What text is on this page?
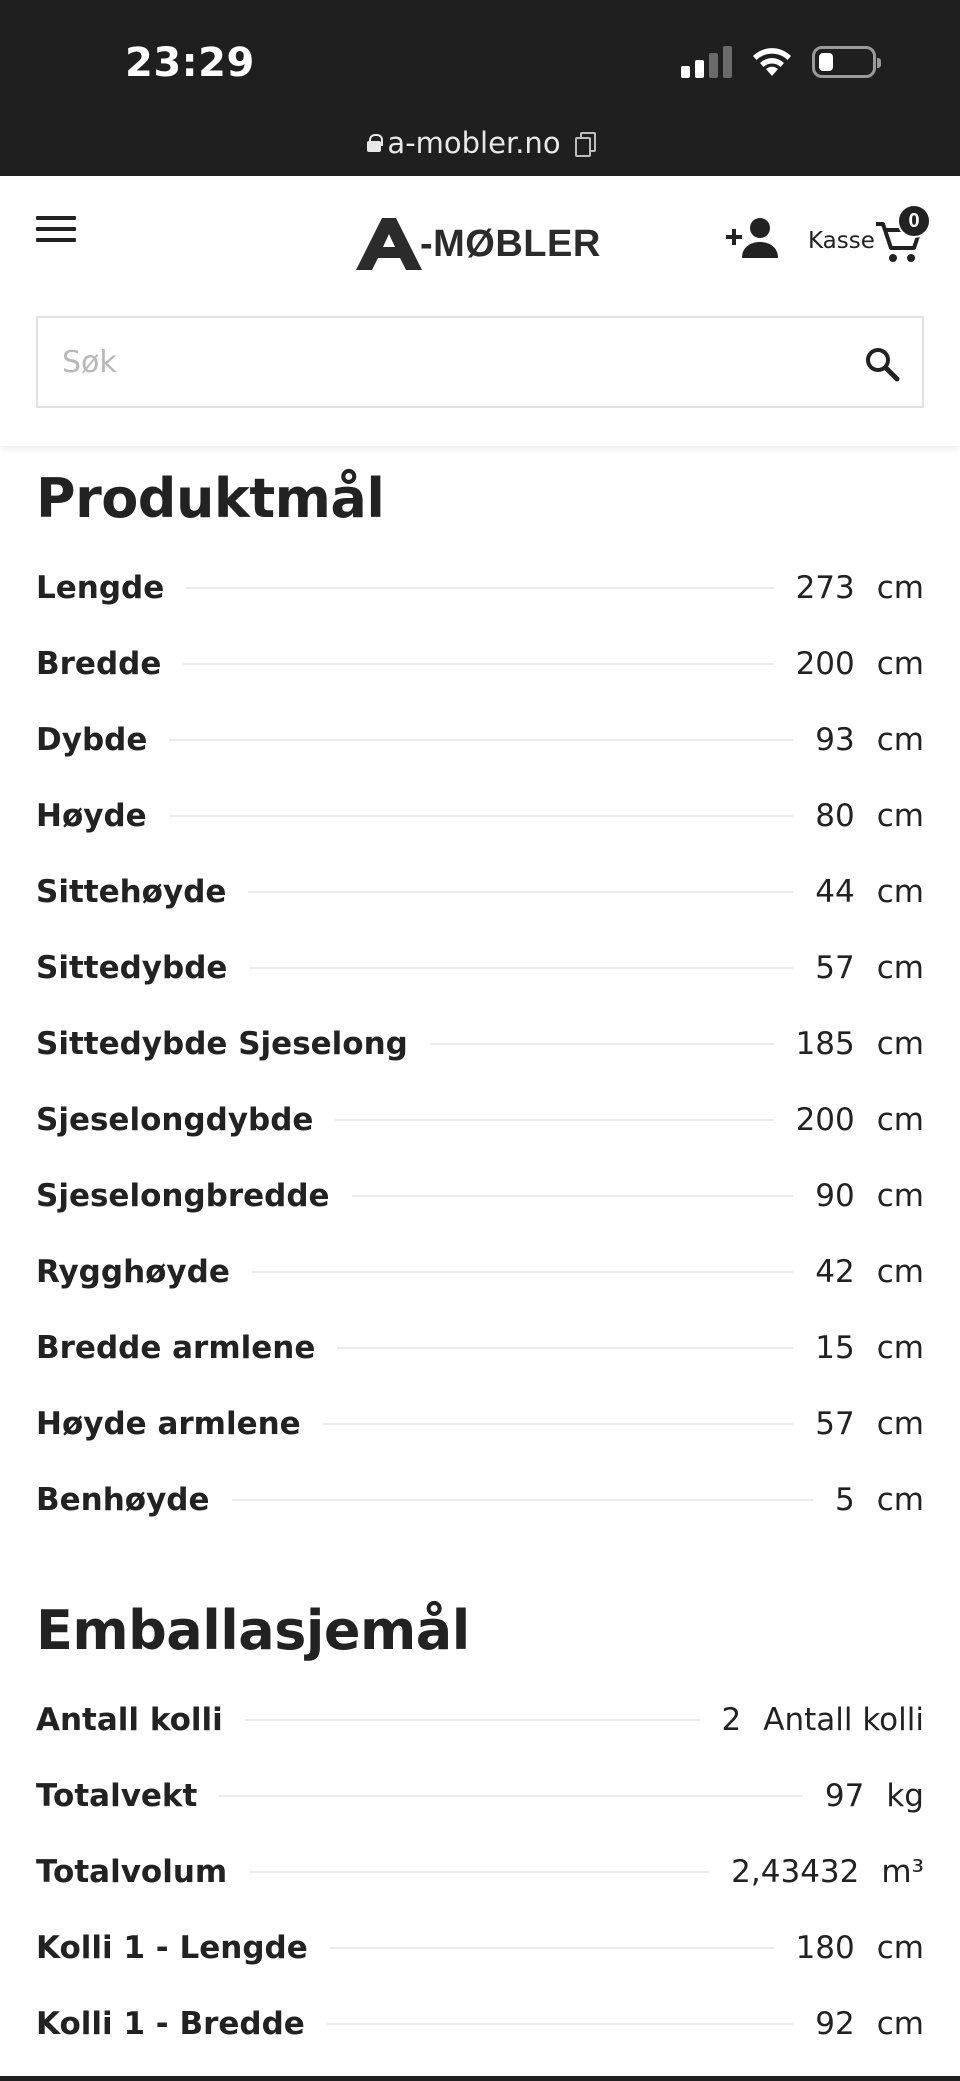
23:29
a-mobler.no
A -MØBLER	Kasse
0
Søk
Produktmål
Lengde	273 cm
Bredde	200 cm
Dybde	93 cm
Høyde	80 cm
Sittehøyde	44 cm
Sittedybde	57 cm
Sittedybde Sjeselong	185 cm
Sjeselongdybde	200 cm
Sjeselongbredde	90 cm
Rygghøyde	42 cm
Bredde armlene	15 cm
Høyde armlene	57 cm
Benhøyde	5 cm
Emballasjemål
Antall kolli	2 Antall kolli
Totalvekt	97 kg
Totalvolum	2,43432 m³
Kolli 1 - Lengde	180 cm
Kolli 1 - Bredde	92 cm
